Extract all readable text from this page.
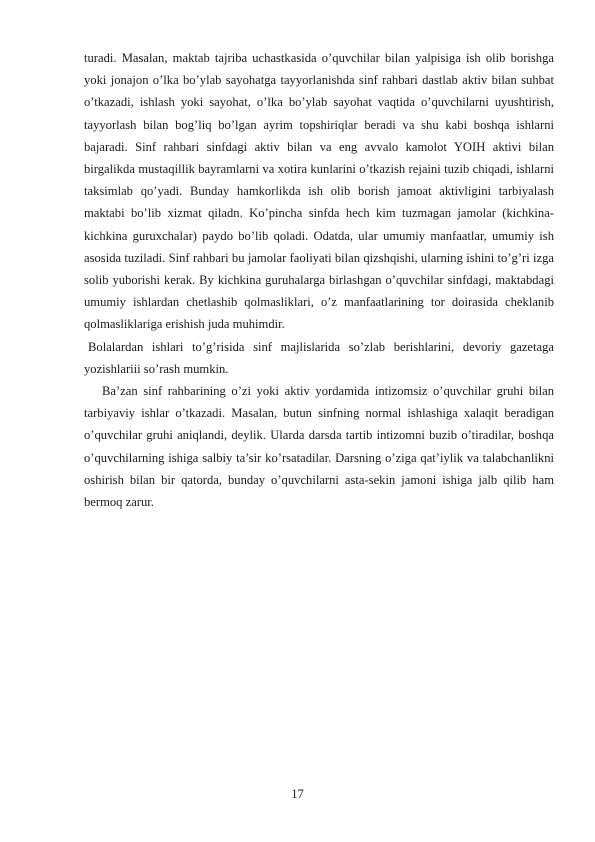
turadi. Masalan, maktab tajriba uchastkasida o’quvchilar bilan yalpisiga ish olib borishga yoki jonajon o’lka bo’ylab sayohatga tayyorlanishda sinf rahbari dastlab aktiv bilan suhbat o’tkazadi, ishlash yoki sayohat, o’lka bo’ylab sayohat vaqtida o’quvchilarni uyushtirish, tayyorlash bilan bog’liq bo’lgan ayrim topshiriqlar beradi va shu kabi boshqa ishlarni bajaradi. Sinf rahbari sinfdagi aktiv bilan va eng avvalo kamolot YOIH aktivi bilan birgalikda mustaqillik bayramlarni va xotira kunlarini o’tkazish rejaini tuzib chiqadi, ishlarni taksimlab qo’yadi. Bunday hamkorlikda ish olib borish jamoat aktivligini tarbiyalash maktabi bo’lib xizmat qiladn. Ko’pincha sinfda hech kim tuzmagan jamolar (kichkina-kichkina guruxchalar) paydo bo’lib qoladi. Odatda, ular umumiy manfaatlar, umumiy ish asosida tuziladi. Sinf rahbari bu jamolar faoliyati bilan qizshqishi, ularning ishini to’g’ri izga solib yuborishi kerak. By kichkina guruhalarga birlashgan o’quvchilar sinfdagi, maktabdagi umumiy ishlardan chetlashib qolmasliklari, o’z manfaatlarining tor doirasida cheklanib qolmasliklariga erishish juda muhimdir.

Bolalardan ishlari to’g’risida sinf majlislarida so’zlab berishlarini, devoriy gazetaga yozishlariii so’rash mumkin.

Ba’zan sinf rahbarining o’zi yoki aktiv yordamida intizomsiz o’quvchilar gruhi bilan tarbiyaviy ishlar o’tkazadi. Masalan, butun sinfning normal ishlashiga xalaqit beradigan o’quvchilar gruhi aniqlandi, deylik. Ularda darsda tartib intizomni buzib o’tiradilar, boshqa o’quvchilarning ishiga salbiy ta’sir ko’rsatadilar. Darsning o’ziga qat’iylik va talabchanlikni oshirish bilan bir qatorda, bunday o’quvchilarni asta-sekin jamoni ishiga jalb qilib ham bermoq zarur.

17
